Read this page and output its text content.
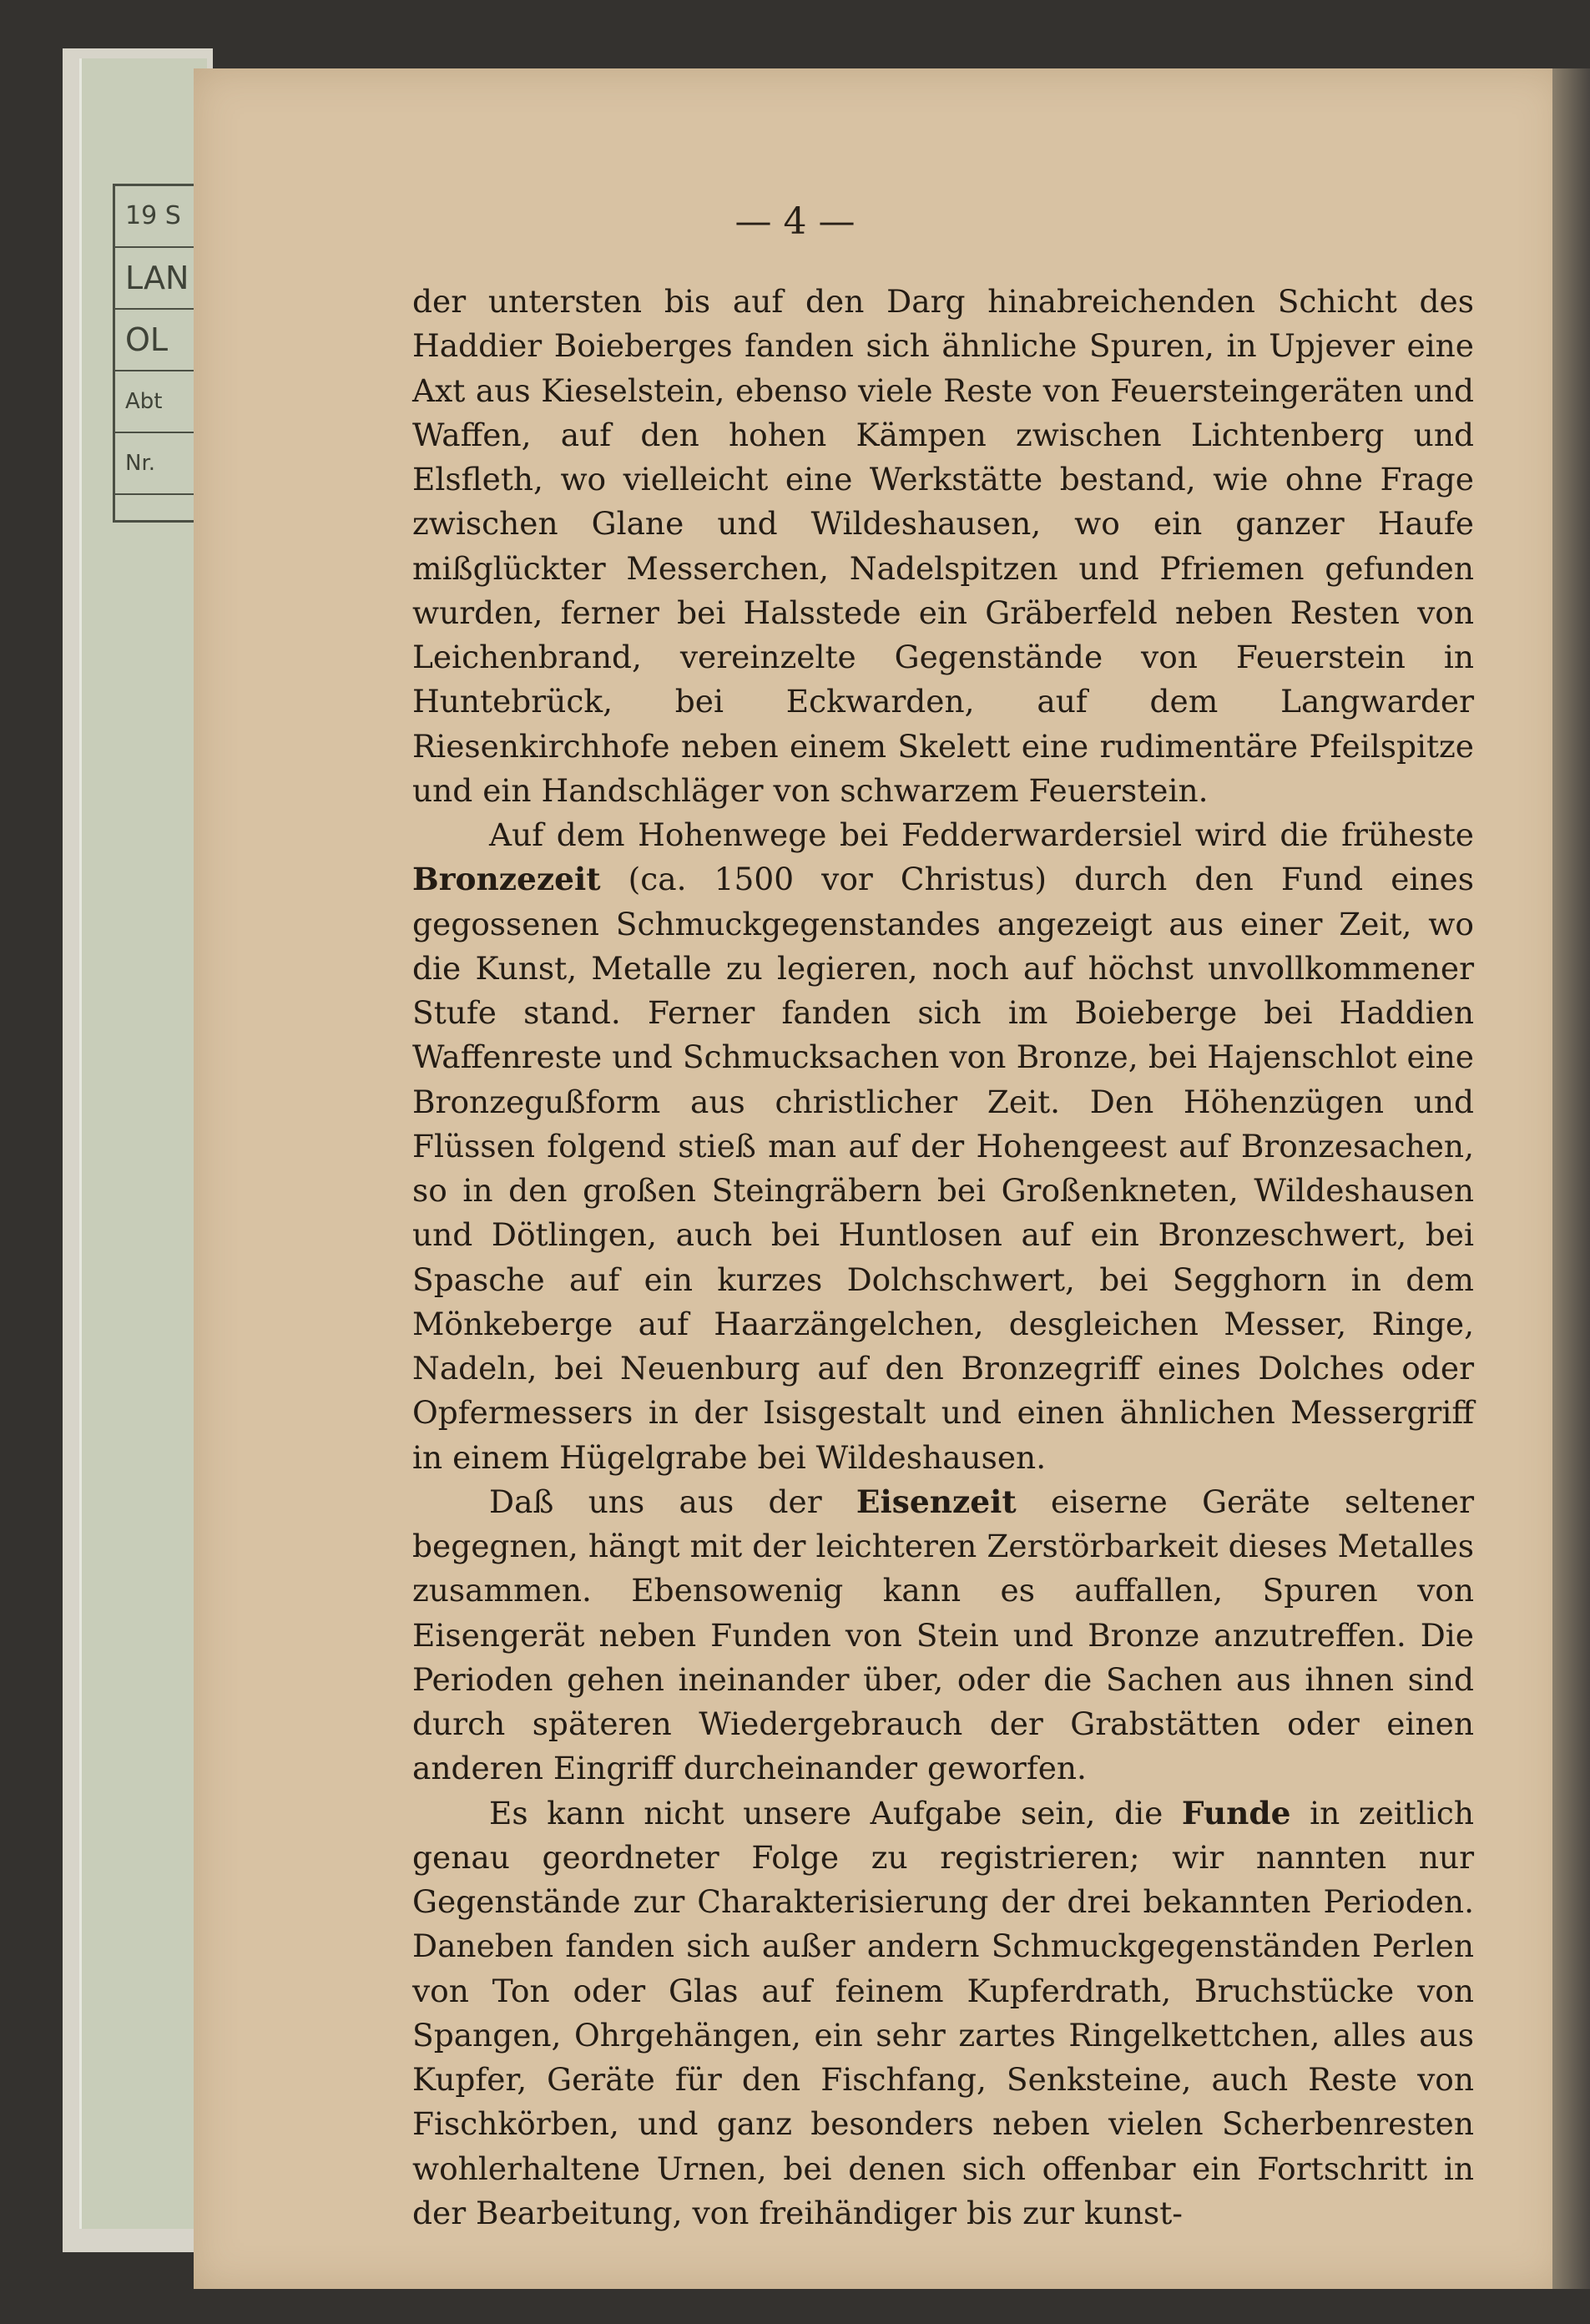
19 S
LAN
OL
Abt
Nr.
— 4 —

der untersten bis auf den Darg hinabreichenden Schicht des Haddier Boieberges fanden sich ähnliche Spuren, in Upjever eine Axt aus Kieselstein, ebenso viele Reste von Feuersteingeräten und Waffen, auf den hohen Kämpen zwischen Lichtenberg und Elsfleth, wo vielleicht eine Werkstätte bestand, wie ohne Frage zwischen Glane und Wildeshausen, wo ein ganzer Haufe mißglückter Messerchen, Nadelspitzen und Pfriemen gefunden wurden, ferner bei Halsstede ein Gräberfeld neben Resten von Leichenbrand, vereinzelte Gegenstände von Feuerstein in Huntebrück, bei Eckwarden, auf dem Langwarder Riesenkirchhofe neben einem Skelett eine rudimentäre Pfeilspitze und ein Handschläger von schwarzem Feuerstein.

Auf dem Hohenwege bei Fedderwardersiel wird die früheste Bronzezeit (ca. 1500 vor Christus) durch den Fund eines gegossenen Schmuckgegenstandes angezeigt aus einer Zeit, wo die Kunst, Metalle zu legieren, noch auf höchst unvollkommener Stufe stand. Ferner fanden sich im Boieberge bei Haddien Waffenreste und Schmucksachen von Bronze, bei Hajenschlot eine Bronzegußform aus christlicher Zeit. Den Höhenzügen und Flüssen folgend stieß man auf der Hohengeest auf Bronzesachen, so in den großen Steingräbern bei Großenkneten, Wildeshausen und Dötlingen, auch bei Huntlosen auf ein Bronzeschwert, bei Spasche auf ein kurzes Dolchschwert, bei Segghorn in dem Mönkeberge auf Haarzängelchen, desgleichen Messer, Ringe, Nadeln, bei Neuenburg auf den Bronzegriff eines Dolches oder Opfermessers in der Isisgestalt und einen ähnlichen Messergriff in einem Hügelgrabe bei Wildeshausen.

Daß uns aus der Eisenzeit eiserne Geräte seltener begegnen, hängt mit der leichteren Zerstörbarkeit dieses Metalles zusammen. Ebensowenig kann es auffallen, Spuren von Eisengerät neben Funden von Stein und Bronze anzutreffen. Die Perioden gehen ineinander über, oder die Sachen aus ihnen sind durch späteren Wiedergebrauch der Grabstätten oder einen anderen Eingriff durcheinander geworfen.

Es kann nicht unsere Aufgabe sein, die Funde in zeitlich genau geordneter Folge zu registrieren; wir nannten nur Gegenstände zur Charakterisierung der drei bekannten Perioden. Daneben fanden sich außer andern Schmuckgegenständen Perlen von Ton oder Glas auf feinem Kupferdrath, Bruchstücke von Spangen, Ohrgehängen, ein sehr zartes Ringelkettchen, alles aus Kupfer, Geräte für den Fischfang, Senksteine, auch Reste von Fischkörben, und ganz besonders neben vielen Scherbenresten wohlerhaltene Urnen, bei denen sich offenbar ein Fortschritt in der Bearbeitung, von freihändiger bis zur kunst-
